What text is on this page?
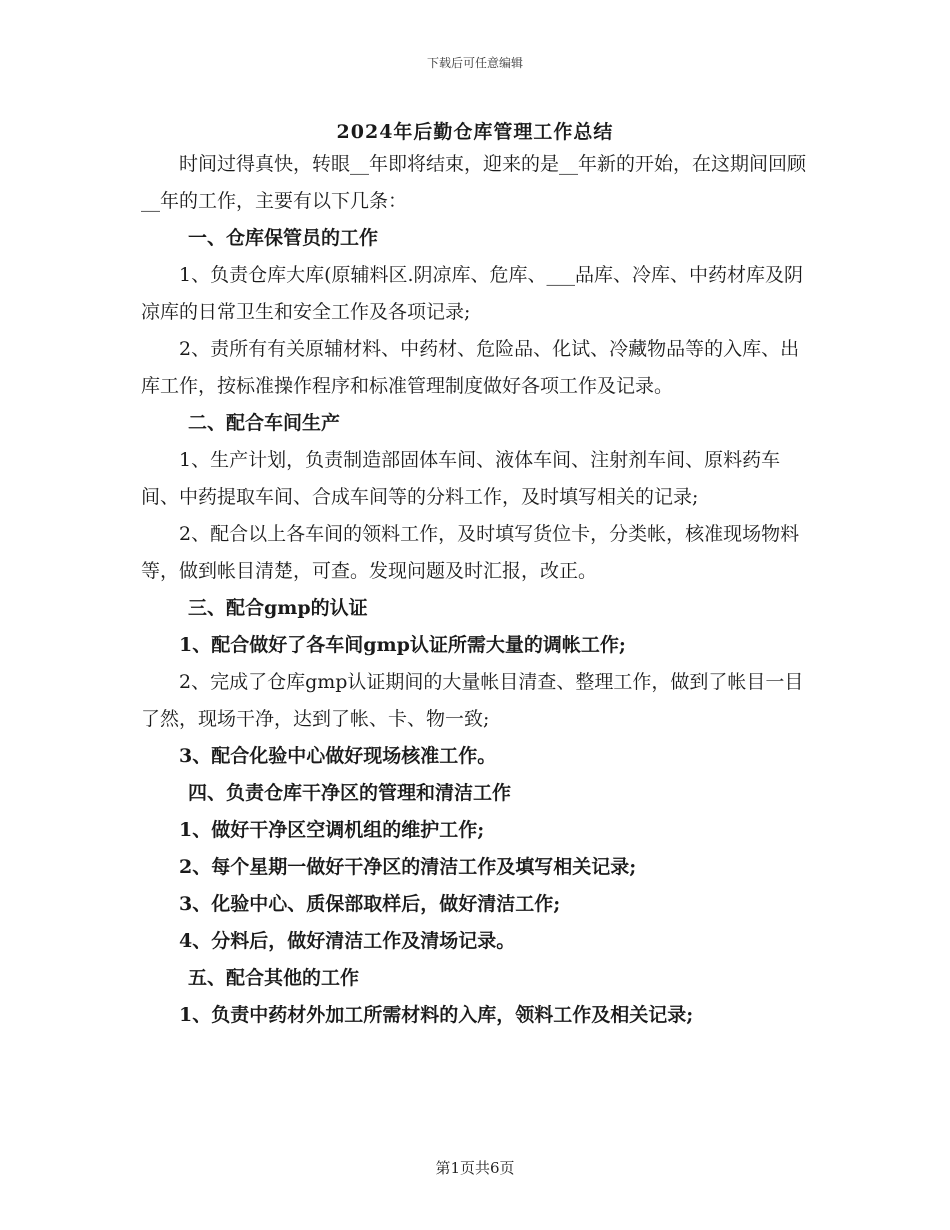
下载后可任意编辑
2024年后勤仓库管理工作总结

时间过得真快，转眼__年即将结束，迎来的是__年新的开始，在这期间回顾__年的工作，主要有以下几条：

一、仓库保管员的工作

1、负责仓库大库(原辅料区.阴凉库、危库、___品库、冷库、中药材库及阴凉库的日常卫生和安全工作及各项记录;

2、责所有有关原辅材料、中药材、危险品、化试、冷藏物品等的入库、出库工作，按标准操作程序和标准管理制度做好各项工作及记录。

二、配合车间生产

1、生产计划，负责制造部固体车间、液体车间、注射剂车间、原料药车间、中药提取车间、合成车间等的分料工作，及时填写相关的记录;

2、配合以上各车间的领料工作，及时填写货位卡，分类帐，核准现场物料等，做到帐目清楚，可查。发现问题及时汇报，改正。

三、配合gmp的认证

1、配合做好了各车间gmp认证所需大量的调帐工作;

2、完成了仓库gmp认证期间的大量帐目清查、整理工作，做到了帐目一目了然，现场干净，达到了帐、卡、物一致;

3、配合化验中心做好现场核准工作。

四、负责仓库干净区的管理和清洁工作

1、做好干净区空调机组的维护工作;

2、每个星期一做好干净区的清洁工作及填写相关记录;

3、化验中心、质保部取样后，做好清洁工作;

4、分料后，做好清洁工作及清场记录。

五、配合其他的工作

1、负责中药材外加工所需材料的入库，领料工作及相关记录;

第1页共6页
